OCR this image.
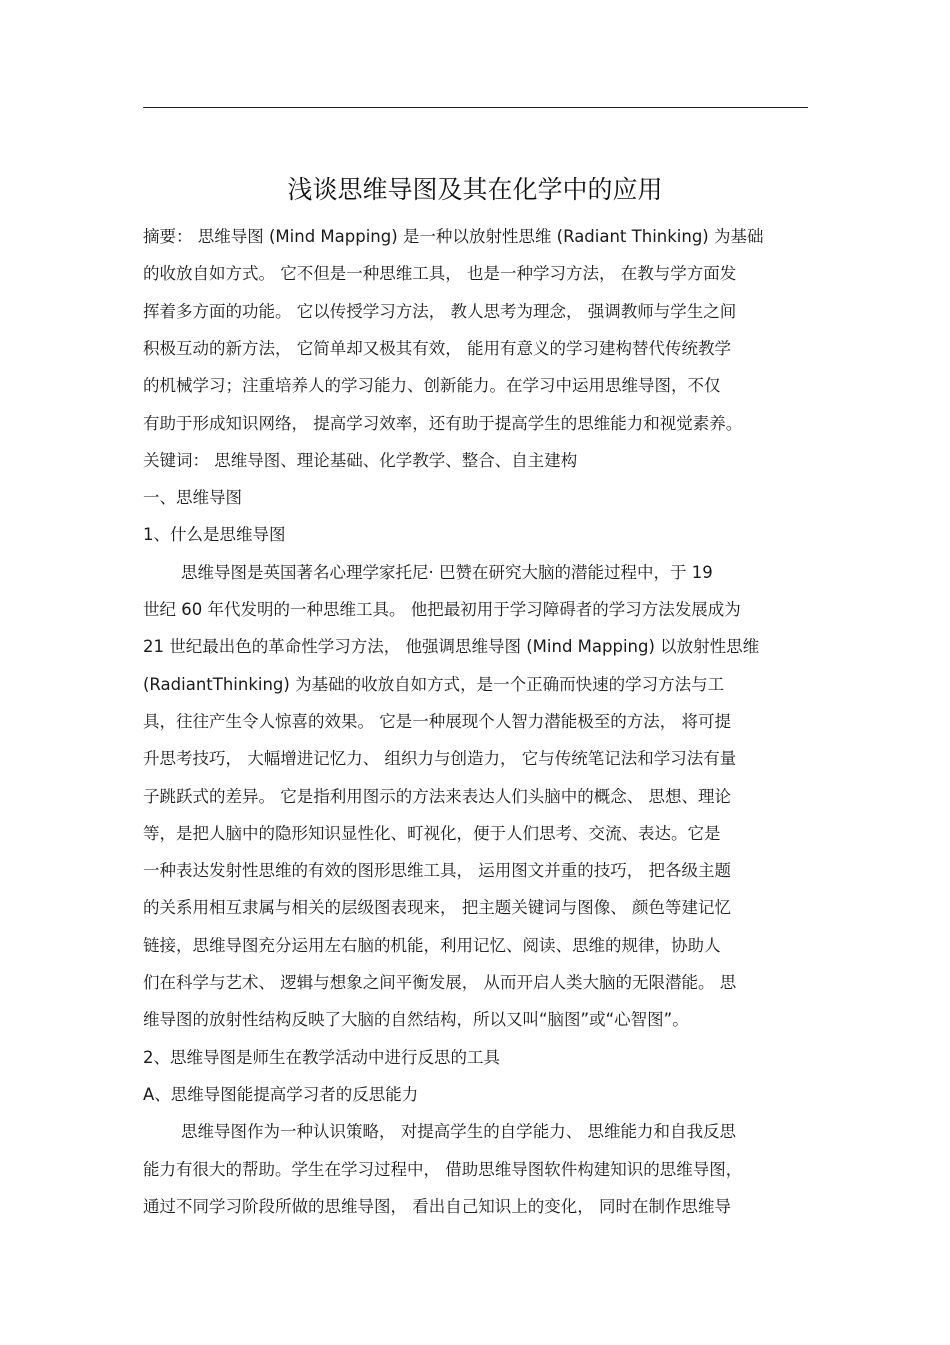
浅谈思维导图及其在化学中的应用
摘要： 思维导图 (Mind Mapping) 是一种以放射性思维 (Radiant Thinking) 为基础
的收放自如方式。 它不但是一种思维工具， 也是一种学习方法， 在教与学方面发
挥着多方面的功能。 它以传授学习方法， 教人思考为理念， 强调教师与学生之间
积极互动的新方法， 它简单却又极其有效， 能用有意义的学习建构替代传统教学
的机械学习；注重培养人的学习能力、创新能力。在学习中运用思维导图，不仅
有助于形成知识网络， 提高学习效率，还有助于提高学生的思维能力和视觉素养。
关键词： 思维导图、理论基础、化学教学、整合、自主建构
一、思维导图
1、什么是思维导图
思维导图是英国著名心理学家托尼· 巴赞在研究大脑的潜能过程中，于 19
世纪 60 年代发明的一种思维工具。 他把最初用于学习障碍者的学习方法发展成为
21 世纪最出色的革命性学习方法， 他强调思维导图 (Mind Mapping) 以放射性思维
(RadiantThinking) 为基础的收放自如方式，是一个正确而快速的学习方法与工
具，往往产生令人惊喜的效果。 它是一种展现个人智力潜能极至的方法， 将可提
升思考技巧， 大幅增进记忆力、 组织力与创造力， 它与传统笔记法和学习法有量
子跳跃式的差异。 它是指利用图示的方法来表达人们头脑中的概念、 思想、理论
等，是把人脑中的隐形知识显性化、町视化，便于人们思考、交流、表达。它是
一种表达发射性思维的有效的图形思维工具， 运用图文并重的技巧， 把各级主题
的关系用相互隶属与相关的层级图表现来， 把主题关键词与图像、 颜色等建记忆
链接，思维导图充分运用左右脑的机能，利用记忆、阅读、思维的规律，协助人
们在科学与艺术、 逻辑与想象之间平衡发展， 从而开启人类大脑的无限潜能。 思
维导图的放射性结构反映了大脑的自然结构，所以又叫“脑图”或“心智图”。
2、思维导图是师生在教学活动中进行反思的工具
A、思维导图能提高学习者的反思能力
思维导图作为一种认识策略， 对提高学生的自学能力、 思维能力和自我反思
能力有很大的帮助。学生在学习过程中， 借助思维导图软件构建知识的思维导图，
通过不同学习阶段所做的思维导图， 看出自己知识上的变化， 同时在制作思维导
